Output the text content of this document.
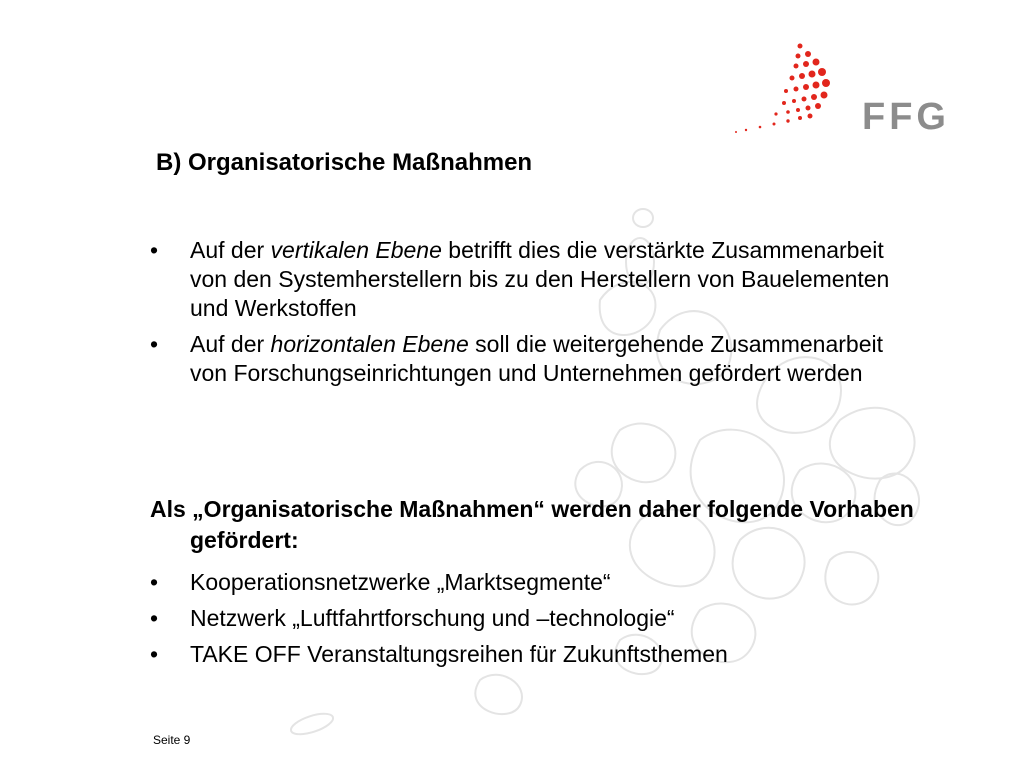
FFG
B) Organisatorische Maßnahmen
• Auf der vertikalen Ebene betrifft dies die verstärkte Zusammenarbeit von den Systemherstellern bis zu den Herstellern von Bauelementen und Werkstoffen
• Auf der horizontalen Ebene soll die weitergehende Zusammenarbeit von Forschungseinrichtungen und Unternehmen gefördert werden
Als „Organisatorische Maßnahmen“ werden daher folgende Vorhaben gefördert:
• Kooperationsnetzwerke „Marktsegmente“
• Netzwerk „Luftfahrtforschung und –technologie“
• TAKE OFF Veranstaltungsreihen für Zukunftsthemen
Seite 9
